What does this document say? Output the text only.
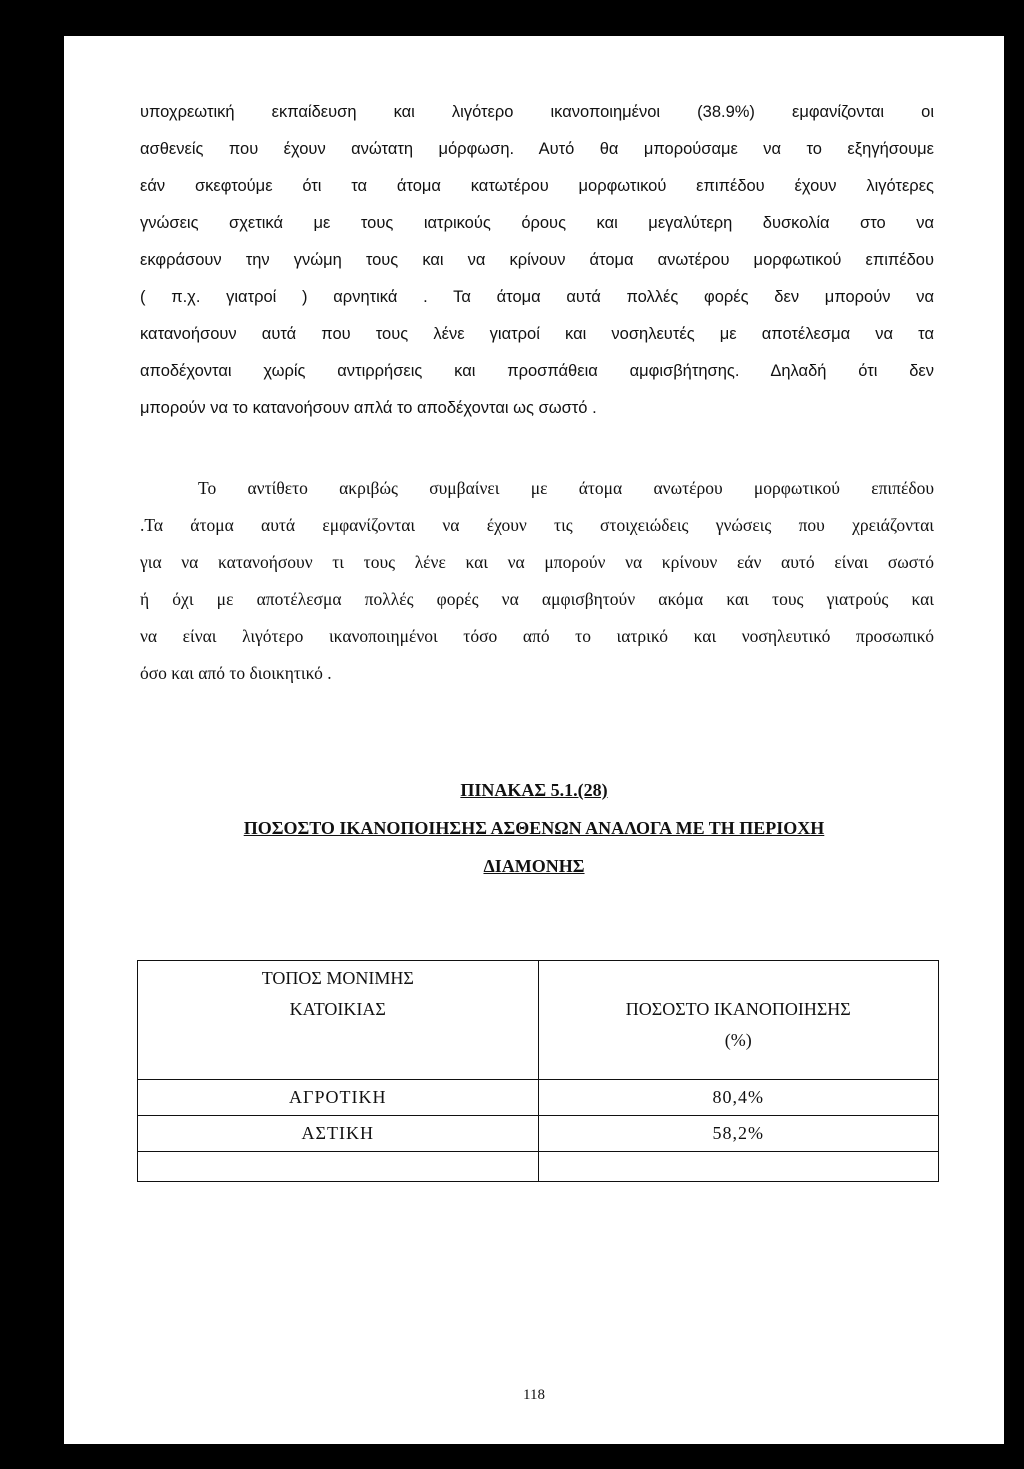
υποχρεωτική εκπαίδευση και λιγότερο ικανοποιημένοι (38.9%) εμφανίζονται οι
ασθενείς που έχουν ανώτατη μόρφωση. Αυτό θα μπορούσαμε να το εξηγήσουμε
εάν σκεφτούμε ότι τα άτομα κατωτέρου μορφωτικού επιπέδου έχουν λιγότερες
γνώσεις σχετικά με τους ιατρικούς όρους και μεγαλύτερη δυσκολία στο να
εκφράσουν την γνώμη τους και να κρίνουν άτομα ανωτέρου μορφωτικού επιπέδου
( π.χ. γιατροί ) αρνητικά . Τα άτομα αυτά πολλές φορές δεν μπορούν να
κατανοήσουν αυτά που τους λένε γιατροί και νοσηλευτές με αποτέλεσμα να τα
αποδέχονται χωρίς αντιρρήσεις και προσπάθεια αμφισβήτησης. Δηλαδή ότι δεν
μπορούν να το κατανοήσουν απλά το αποδέχονται ως σωστό .
Το αντίθετο ακριβώς συμβαίνει με άτομα ανωτέρου μορφωτικού επιπέδου
.Τα άτομα αυτά εμφανίζονται να έχουν τις στοιχειώδεις γνώσεις που χρειάζονται
για να κατανοήσουν τι τους λένε και να μπορούν να κρίνουν εάν αυτό είναι σωστό
ή όχι με αποτέλεσμα πολλές φορές να αμφισβητούν ακόμα και τους γιατρούς και
να είναι λιγότερο ικανοποιημένοι τόσο από το ιατρικό και νοσηλευτικό προσωπικό
όσο και από το διοικητικό .
ΠΙΝΑΚΑΣ 5.1.(28)
ΠΟΣΟΣΤΟ ΙΚΑΝΟΠΟΙΗΣΗΣ ΑΣΘΕΝΩΝ ΑΝΑΛΟΓΑ ΜΕ ΤΗ ΠΕΡΙΟΧΗ
ΔΙΑΜΟΝΗΣ
ΤΟΠΟΣ ΜΟΝΙΜΗΣ
ΚΑΤΟΙΚΙΑΣ	ΠΟΣΟΣΤΟ ΙΚΑΝΟΠΟΙΗΣΗΣ
(%)

ΑΓΡΟΤΙΚΗ	80,4%
ΑΣΤΙΚΗ	58,2%

118
